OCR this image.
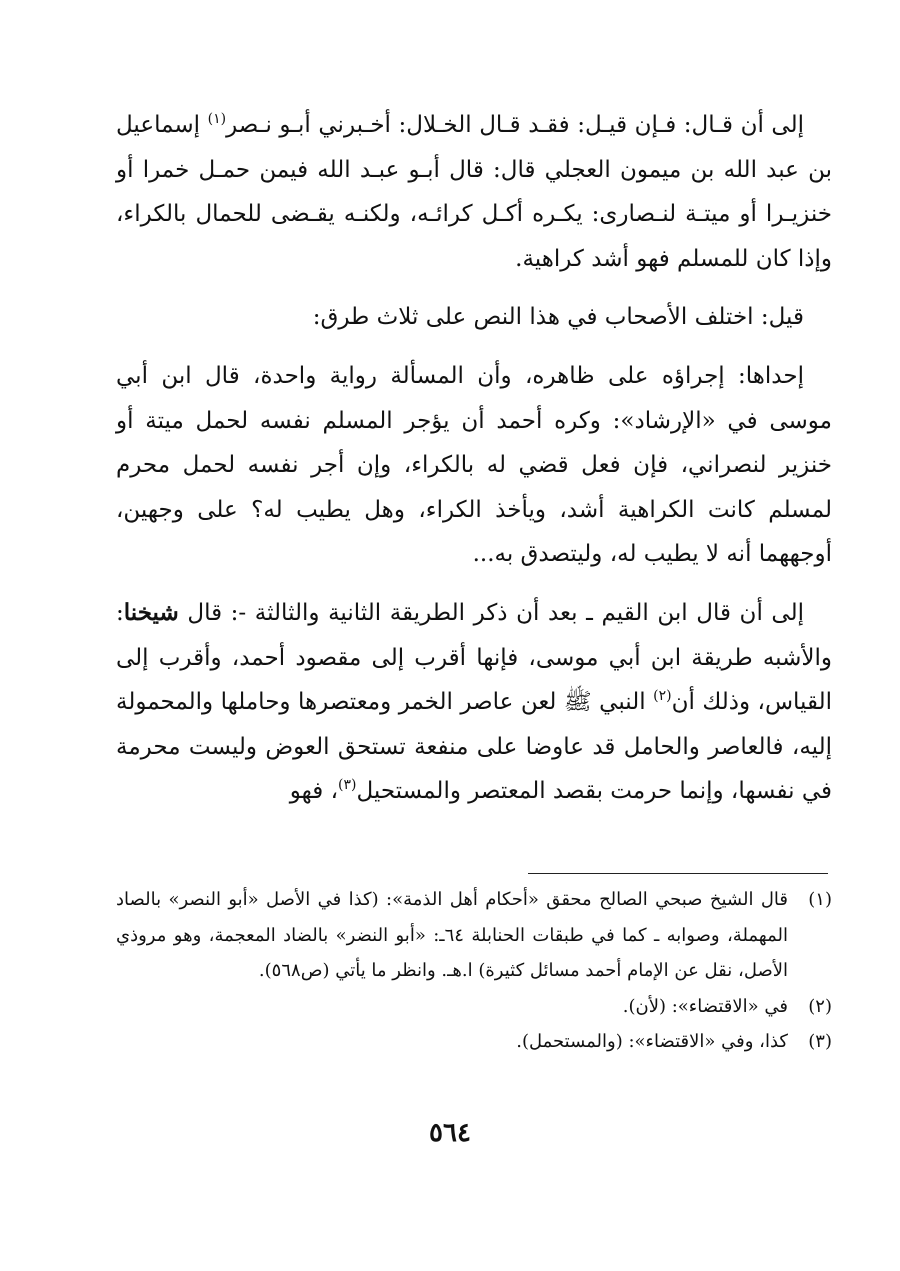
إلى أن قـال: فـإن قيـل: فقـد قـال الخـلال: أخـبرني أبـو نـصر$^{(١)}$ إسماعيل بن عبد الله بن ميمون العجلي قال: قال أبـو عبـد الله فيمن حمـل خمرا أو خنزيـرا أو ميتـة لنـصارى: يكـره أكـل كرائـه، ولكنـه يقـضى للحمال بالكراء، وإذا كان للمسلم فهو أشد كراهية.

قيل: اختلف الأصحاب في هذا النص على ثلاث طرق:

إحداها: إجراؤه على ظاهره، وأن المسألة رواية واحدة، قال ابن أبي موسى في «الإرشاد»: وكره أحمد أن يؤجر المسلم نفسه لحمل ميتة أو خنزير لنصراني، فإن فعل قضي له بالكراء، وإن أجر نفسه لحمل محرم لمسلم كانت الكراهية أشد، ويأخذ الكراء، وهل يطيب له؟ على وجهين، أوجههما أنه لا يطيب له، وليتصدق به...

إلى أن قال ابن القيم ـ بعد أن ذكر الطريقة الثانية والثالثة -: قال شيخنا: والأشبه طريقة ابن أبي موسى، فإنها أقرب إلى مقصود أحمد، وأقرب إلى القياس، وذلك أن$^{(٢)}$ النبي ﷺ لعن عاصر الخمر ومعتصرها وحاملها والمحمولة إليه، فالعاصر والحامل قد عاوضا على منفعة تستحق العوض وليست محرمة في نفسها، وإنما حرمت بقصد المعتصر والمستحيل$^{(٣)}$، فهو

(١)
قال الشيخ صبحي الصالح محقق «أحكام أهل الذمة»: (كذا في الأصل «أبو النصر» بالصاد المهملة، وصوابه ـ كما في طبقات الحنابلة ٦٤ـ: «أبو النضر» بالضاد المعجمة، وهو مروذي الأصل، نقل عن الإمام أحمد مسائل كثيرة) ا.هـ. وانظر ما يأتي (ص٥٦٨).
(٢)
في «الاقتضاء»: (لأن).
(٣)
كذا، وفي «الاقتضاء»: (والمستحمل).
٥٦٤
